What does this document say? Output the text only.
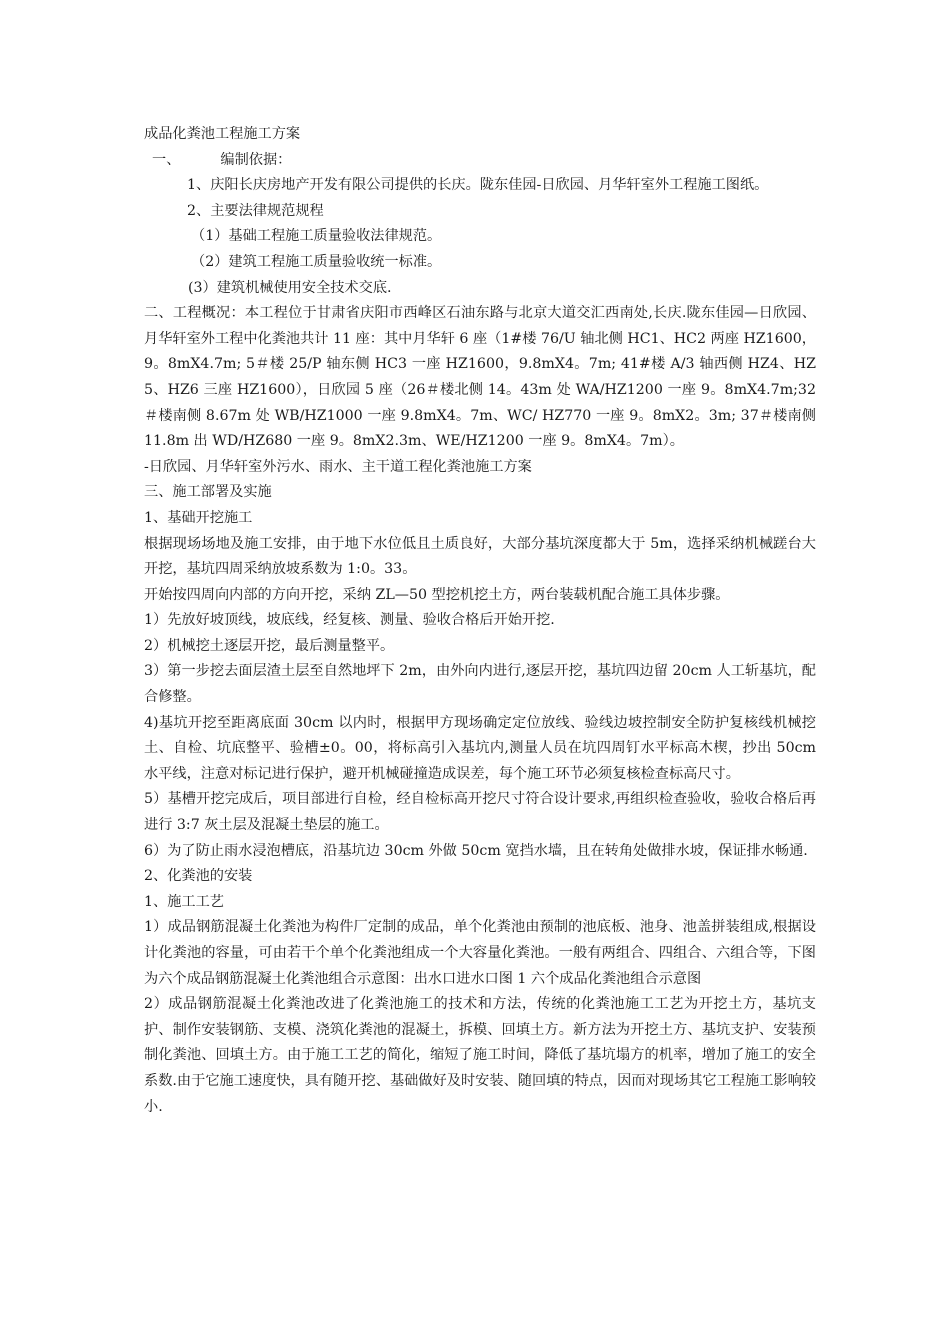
成品化粪池工程施工方案
一、	编制依据：
1、庆阳长庆房地产开发有限公司提供的长庆。陇东佳园-日欣园、月华轩室外工程施工图纸。
2、主要法律规范规程
（1）基础工程施工质量验收法律规范。
（2）建筑工程施工质量验收统一标准。
(3）建筑机械使用安全技术交底.
二、工程概况：本工程位于甘肃省庆阳市西峰区石油东路与北京大道交汇西南处,长庆.陇东佳园—日欣园、月华轩室外工程中化粪池共计 11 座：其中月华轩 6 座（1#楼 76/U 轴北侧 HC1、HC2 两座 HZ1600，9。8mX4.7m; 5＃楼 25/P 轴东侧 HC3 一座 HZ1600，9.8mX4。7m; 41#楼 A/3 轴西侧 HZ4、HZ5、HZ6 三座 HZ1600），日欣园 5 座（26＃楼北侧 14。43m 处 WA/HZ1200 一座 9。8mX4.7m;32＃楼南侧 8.67m 处 WB/HZ1000 一座 9.8mX4。7m、WC/ HZ770 一座 9。8mX2。3m; 37＃楼南侧 11.8m 出 WD/HZ680 一座 9。8mX2.3m、WE/HZ1200 一座 9。8mX4。7m）。
-日欣园、月华轩室外污水、雨水、主干道工程化粪池施工方案
三、施工部署及实施
1、基础开挖施工
根据现场场地及施工安排，由于地下水位低且土质良好，大部分基坑深度都大于 5m，选择采纳机械蹉台大开挖，基坑四周采纳放坡系数为 1:0。33。
开始按四周向内部的方向开挖，采纳 ZL—50 型挖机挖土方，两台装载机配合施工具体步骤。
1）先放好坡顶线，坡底线，经复核、测量、验收合格后开始开挖.
2）机械挖土逐层开挖，最后测量整平。
3）第一步挖去面层渣土层至自然地坪下 2m，由外向内进行,逐层开挖，基坑四边留 20cm 人工斩基坑，配合修整。
4)基坑开挖至距离底面 30cm 以内时，根据甲方现场确定定位放线、验线边坡控制安全防护复核线机械挖土、自检、坑底整平、验槽±0。00，将标高引入基坑内,测量人员在坑四周钉水平标高木楔，抄出 50cm 水平线，注意对标记进行保护，避开机械碰撞造成误差，每个施工环节必须复核检查标高尺寸。
5）基槽开挖完成后，项目部进行自检，经自检标高开挖尺寸符合设计要求,再组织检查验收，验收合格后再进行 3:7 灰土层及混凝土垫层的施工。
6）为了防止雨水浸泡槽底，沿基坑边 30cm 外做 50cm 宽挡水墙，且在转角处做排水坡，保证排水畅通.
2、化粪池的安装
1、施工工艺
1）成品钢筋混凝土化粪池为构件厂定制的成品，单个化粪池由预制的池底板、池身、池盖拼装组成,根据设计化粪池的容量，可由若干个单个化粪池组成一个大容量化粪池。一般有两组合、四组合、六组合等，下图为六个成品钢筋混凝土化粪池组合示意图：出水口进水口图 1 六个成品化粪池组合示意图
2）成品钢筋混凝土化粪池改进了化粪池施工的技术和方法，传统的化粪池施工工艺为开挖土方，基坑支护、制作安装钢筋、支模、浇筑化粪池的混凝土，拆模、回填土方。新方法为开挖土方、基坑支护、安装预制化粪池、回填土方。由于施工工艺的简化，缩短了施工时间，降低了基坑塌方的机率，增加了施工的安全系数.由于它施工速度快，具有随开挖、基础做好及时安装、随回填的特点，因而对现场其它工程施工影响较小.
